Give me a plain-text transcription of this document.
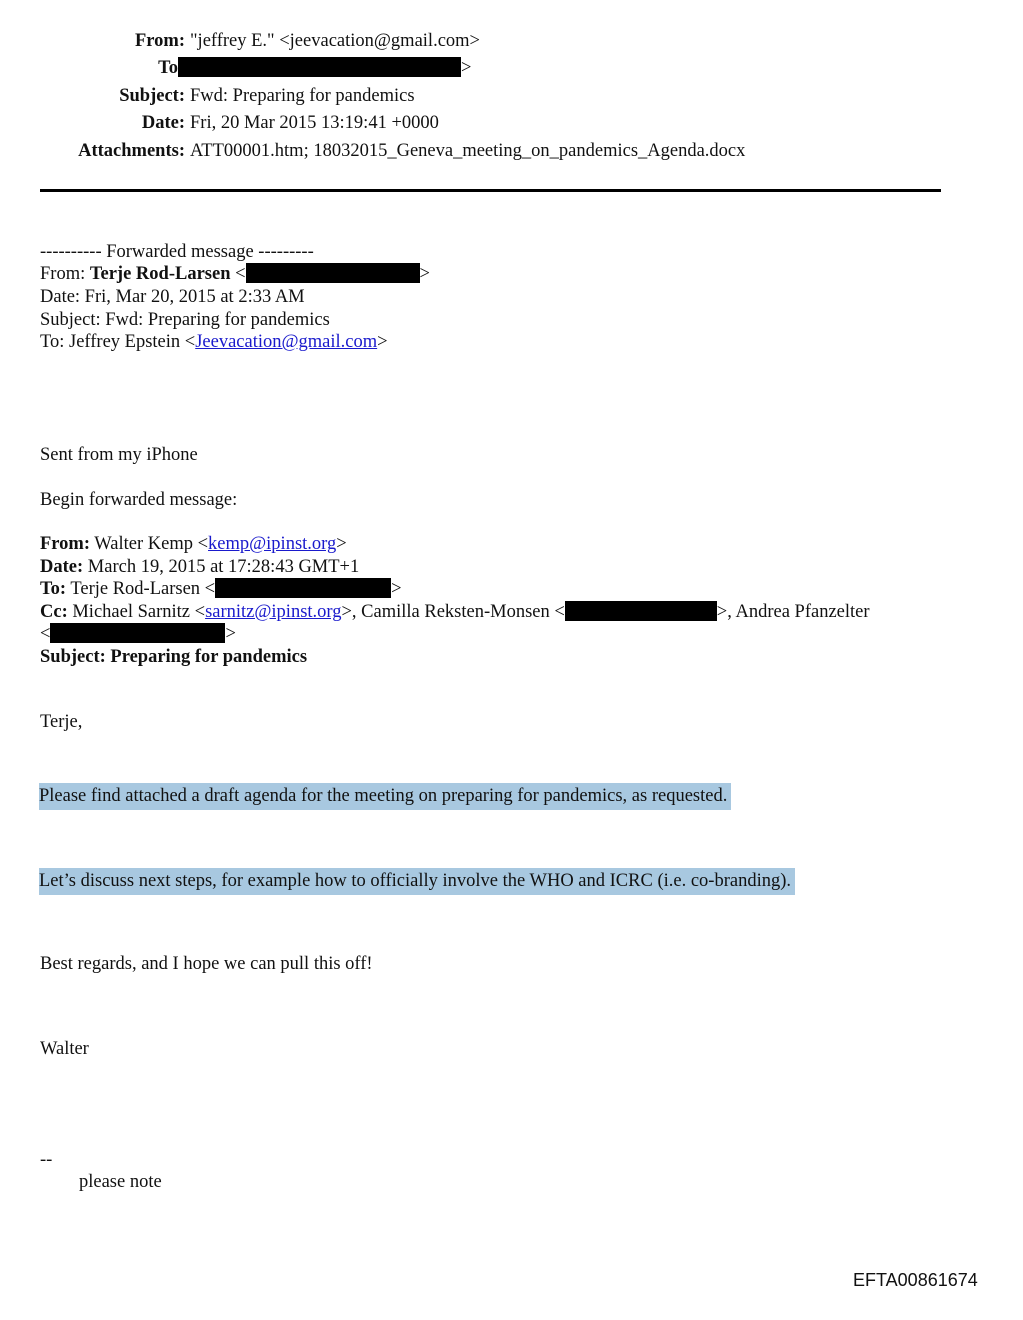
From: "jeffrey E." <jeevacation@gmail.com>
To	>
Subject: Fwd: Preparing for pandemics
Date: Fri, 20 Mar 2015 13:19:41 +0000
Attachments: ATT00001.htm; 18032015_Geneva_meeting_on_pandemics_Agenda.docx
---------- Forwarded message ---------
From: Terje Rod-Larsen <	>
Date: Fri, Mar 20, 2015 at 2:33 AM
Subject: Fwd: Preparing for pandemics
To: Jeffrey Epstein <Jeevacation@gmail.com>
Sent from my iPhone
Begin forwarded message:
From: Walter Kemp <kemp@ipinst.org>
Date: March 19, 2015 at 17:28:43 GMT+1
To: Terje Rod-Larsen <	>
Cc: Michael Sarnitz <sarnitz@ipinst.org>, Camilla Reksten-Monsen <	>, Andrea Pfanzelter
<	>
Subject: Preparing for pandemics
Terje,
Please find attached a draft agenda for the meeting on preparing for pandemics, as requested.
Let’s discuss next steps, for example how to officially involve the WHO and ICRC (i.e. co-branding).
Best regards, and I hope we can pull this off!
Walter
--
please note
EFTA00861674
